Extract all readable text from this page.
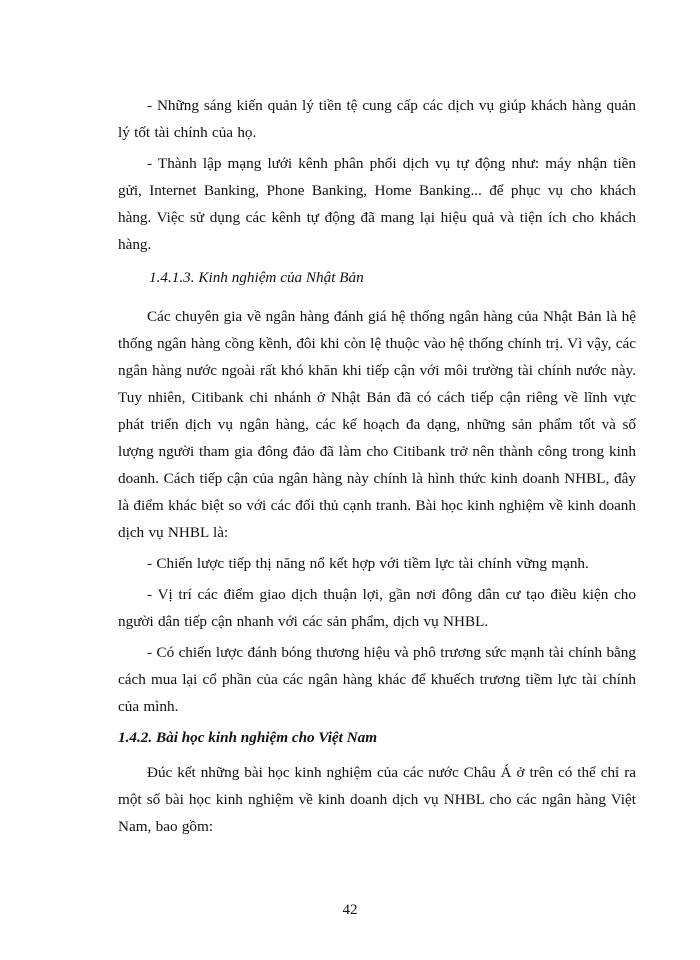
- Những sáng kiến quản lý tiền tệ cung cấp các dịch vụ giúp khách hàng quản lý tốt tài chính của họ.

- Thành lập mạng lưới kênh phân phối dịch vụ tự động như: máy nhận tiền gửi, Internet Banking, Phone Banking, Home Banking... để phục vụ cho khách hàng. Việc sử dụng các kênh tự động đã mang lại hiệu quả và tiện ích cho khách hàng.

1.4.1.3. Kinh nghiệm của Nhật Bản

Các chuyên gia về ngân hàng đánh giá hệ thống ngân hàng của Nhật Bản là hệ thống ngân hàng cồng kềnh, đôi khi còn lệ thuộc vào hệ thống chính trị. Vì vậy, các ngân hàng nước ngoài rất khó khăn khi tiếp cận với môi trường tài chính nước này. Tuy nhiên, Citibank chi nhánh ở Nhật Bản đã có cách tiếp cận riêng về lĩnh vực phát triển dịch vụ ngân hàng, các kế hoạch đa dạng, những sản phẩm tốt và số lượng người tham gia đông đảo đã làm cho Citibank trở nên thành công trong kinh doanh. Cách tiếp cận của ngân hàng này chính là hình thức kinh doanh NHBL, đây là điểm khác biệt so với các đối thủ cạnh tranh. Bài học kinh nghiệm về kinh doanh dịch vụ NHBL là:

- Chiến lược tiếp thị năng nổ kết hợp với tiềm lực tài chính vững mạnh.

- Vị trí các điểm giao dịch thuận lợi, gần nơi đông dân cư tạo điều kiện cho người dân tiếp cận nhanh với các sản phẩm, dịch vụ NHBL.

- Có chiến lược đánh bóng thương hiệu và phô trương sức mạnh tài chính bằng cách mua lại cổ phần của các ngân hàng khác để khuếch trương tiềm lực tài chính của mình.

1.4.2. Bài học kinh nghiệm cho Việt Nam

Đúc kết những bài học kinh nghiệm của các nước Châu Á ở trên có thể chỉ ra một số bài học kinh nghiệm về kinh doanh dịch vụ NHBL cho các ngân hàng Việt Nam, bao gồm:

42
